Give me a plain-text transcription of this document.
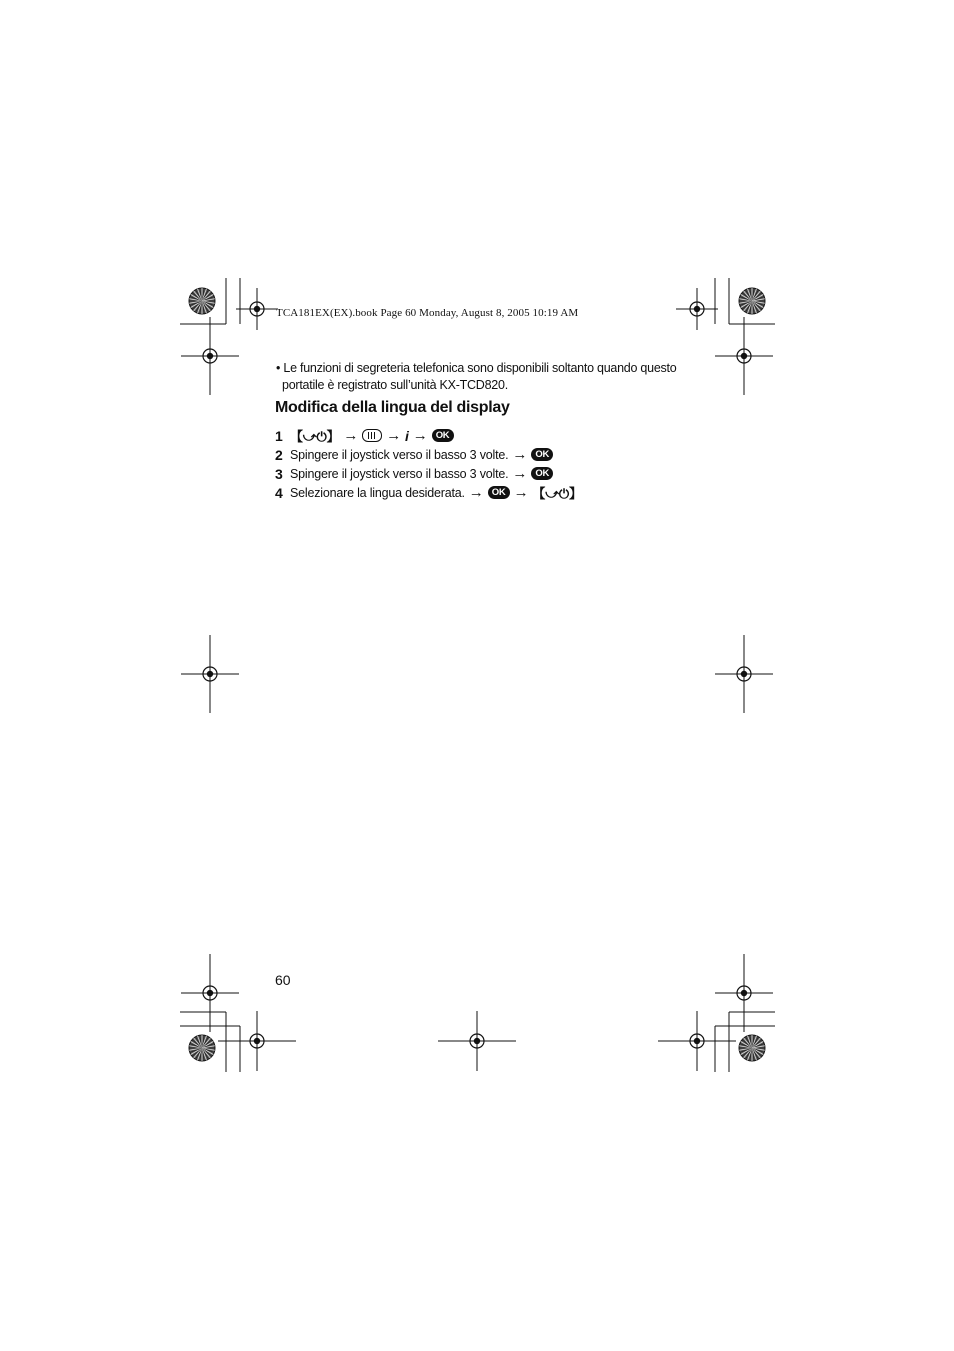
TCA181EX(EX).book Page 60 Monday, August 8, 2005 10:19 AM
• Le funzioni di segreteria telefonica sono disponibili soltanto quando questo
portatile è registrato sull’unità KX-TCD820.
Modifica della lingua del display
1 【⤻⏻】 → → i → OK
2 Spingere il joystick verso il basso 3 volte. → OK
3 Spingere il joystick verso il basso 3 volte. → OK
4 Selezionare la lingua desiderata. → OK → 【⤻⏻】
60
